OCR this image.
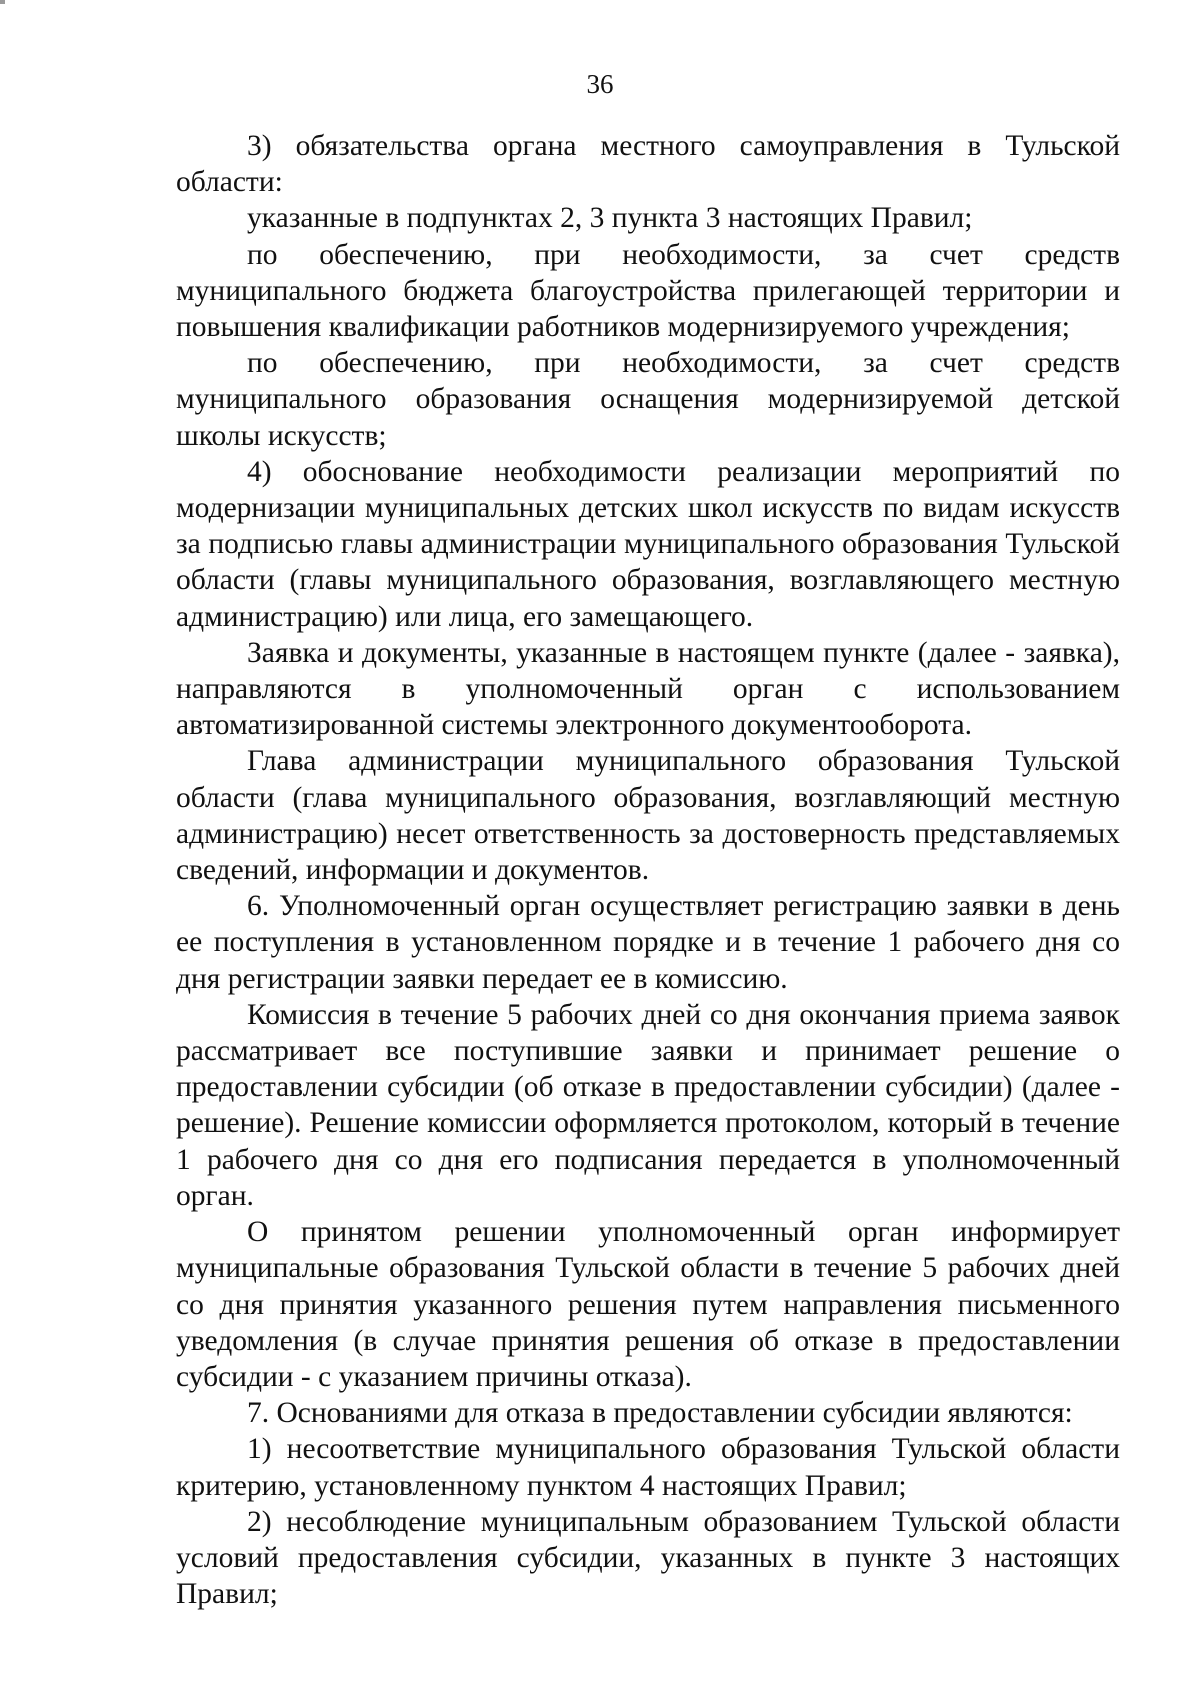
36

3) обязательства органа местного самоуправления в Тульской области:

указанные в подпунктах 2, 3 пункта 3 настоящих Правил;

по обеспечению, при необходимости, за счет средств муниципального бюджета благоустройства прилегающей территории и повышения квалификации работников модернизируемого учреждения;

по обеспечению, при необходимости, за счет средств муниципального образования оснащения модернизируемой детской школы искусств;

4) обоснование необходимости реализации мероприятий по модернизации муниципальных детских школ искусств по видам искусств за подписью главы администрации муниципального образования Тульской области (главы муниципального образования, возглавляющего местную администрацию) или лица, его замещающего.

Заявка и документы, указанные в настоящем пункте (далее - заявка), направляются в уполномоченный орган с использованием автоматизированной системы электронного документооборота.

Глава администрации муниципального образования Тульской области (глава муниципального образования, возглавляющий местную администрацию) несет ответственность за достоверность представляемых сведений, информации и документов.

6. Уполномоченный орган осуществляет регистрацию заявки в день ее поступления в установленном порядке и в течение 1 рабочего дня со дня регистрации заявки передает ее в комиссию.

Комиссия в течение 5 рабочих дней со дня окончания приема заявок рассматривает все поступившие заявки и принимает решение о предоставлении субсидии (об отказе в предоставлении субсидии) (далее - решение). Решение комиссии оформляется протоколом, который в течение 1 рабочего дня со дня его подписания передается в уполномоченный орган.

О принятом решении уполномоченный орган информирует муниципальные образования Тульской области в течение 5 рабочих дней со дня принятия указанного решения путем направления письменного уведомления (в случае принятия решения об отказе в предоставлении субсидии - с указанием причины отказа).

7. Основаниями для отказа в предоставлении субсидии являются:

1) несоответствие муниципального образования Тульской области критерию, установленному пунктом 4 настоящих Правил;

2) несоблюдение муниципальным образованием Тульской области условий предоставления субсидии, указанных в пункте 3 настоящих Правил;
